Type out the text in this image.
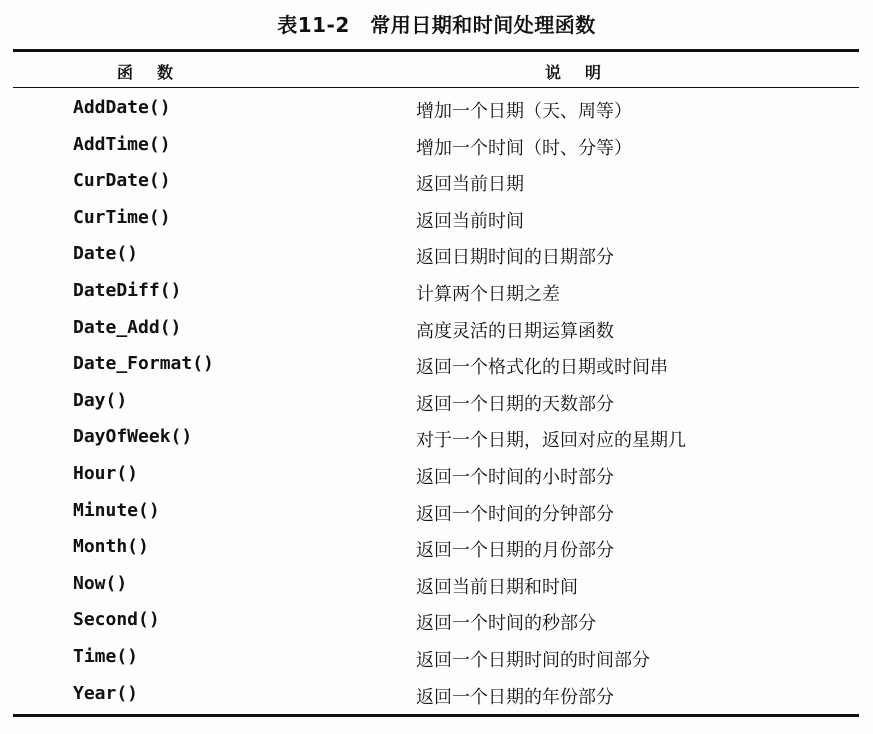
表11-2　常用日期和时间处理函数
函数	说明
AddDate()	增加一个日期（天、周等）
AddTime()	增加一个时间（时、分等）
CurDate()	返回当前日期
CurTime()	返回当前时间
Date()	返回日期时间的日期部分
DateDiff()	计算两个日期之差
Date_Add()	高度灵活的日期运算函数
Date_Format()	返回一个格式化的日期或时间串
Day()	返回一个日期的天数部分
DayOfWeek()	对于一个日期，返回对应的星期几
Hour()	返回一个时间的小时部分
Minute()	返回一个时间的分钟部分
Month()	返回一个日期的月份部分
Now()	返回当前日期和时间
Second()	返回一个时间的秒部分
Time()	返回一个日期时间的时间部分
Year()	返回一个日期的年份部分
